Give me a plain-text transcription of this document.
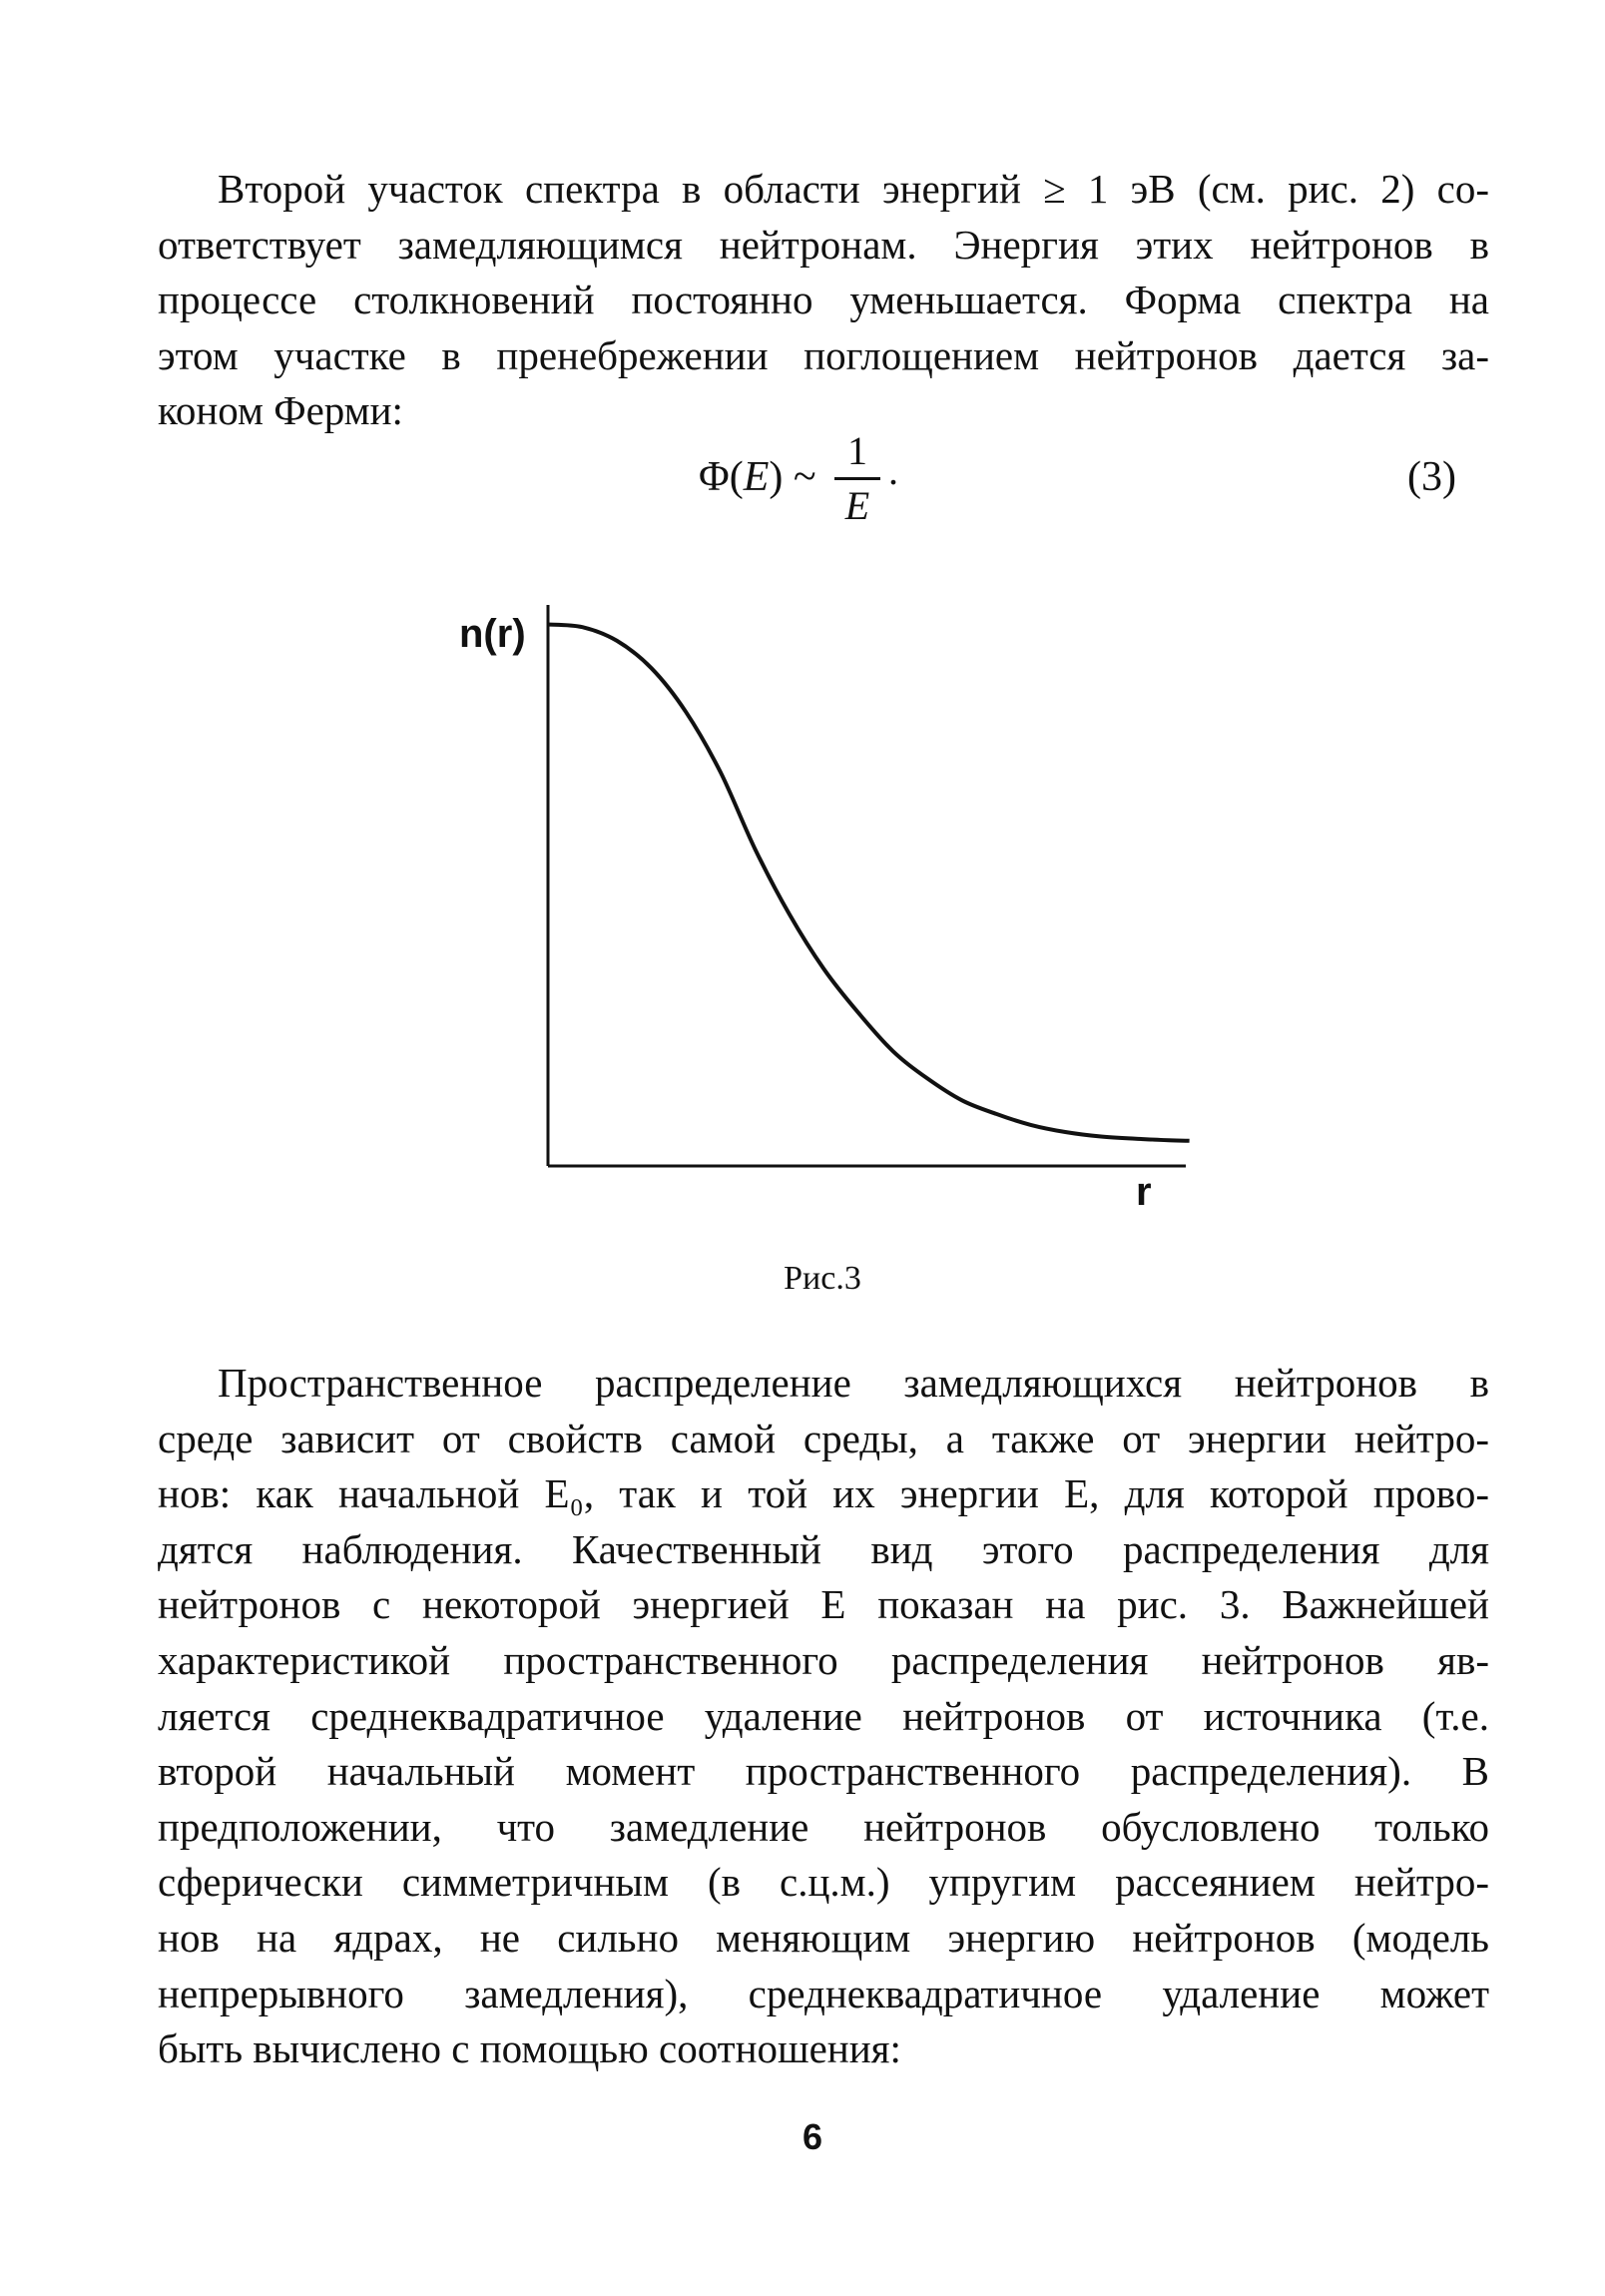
Второй участок спектра в области энергий ≥ 1 эВ (см. рис. 2) со-
ответствует замедляющимся нейтронам. Энергия этих нейтронов в
процессе столкновений постоянно уменьшается. Форма спектра на
этом участке в пренебрежении поглощением нейтронов дается за-
коном Ферми:
Φ(E) ~
1
E
.	(3)
n(r)
r
Рис.3
Пространственное распределение замедляющихся нейтронов в
среде зависит от свойств самой среды, а также от энергии нейтро-
нов: как начальной E₀, так и той их энергии E, для которой прово-
дятся наблюдения. Качественный вид этого распределения для
нейтронов с некоторой энергией E показан на рис. 3. Важнейшей
характеристикой пространственного распределения нейтронов яв-
ляется среднеквадратичное удаление нейтронов от источника (т.е.
второй начальный момент пространственного распределения). В
предположении, что замедление нейтронов обусловлено только
сферически симметричным (в с.ц.м.) упругим рассеянием нейтро-
нов на ядрах, не сильно меняющим энергию нейтронов (модель
непрерывного замедления), среднеквадратичное удаление может
быть вычислено с помощью соотношения:
6
